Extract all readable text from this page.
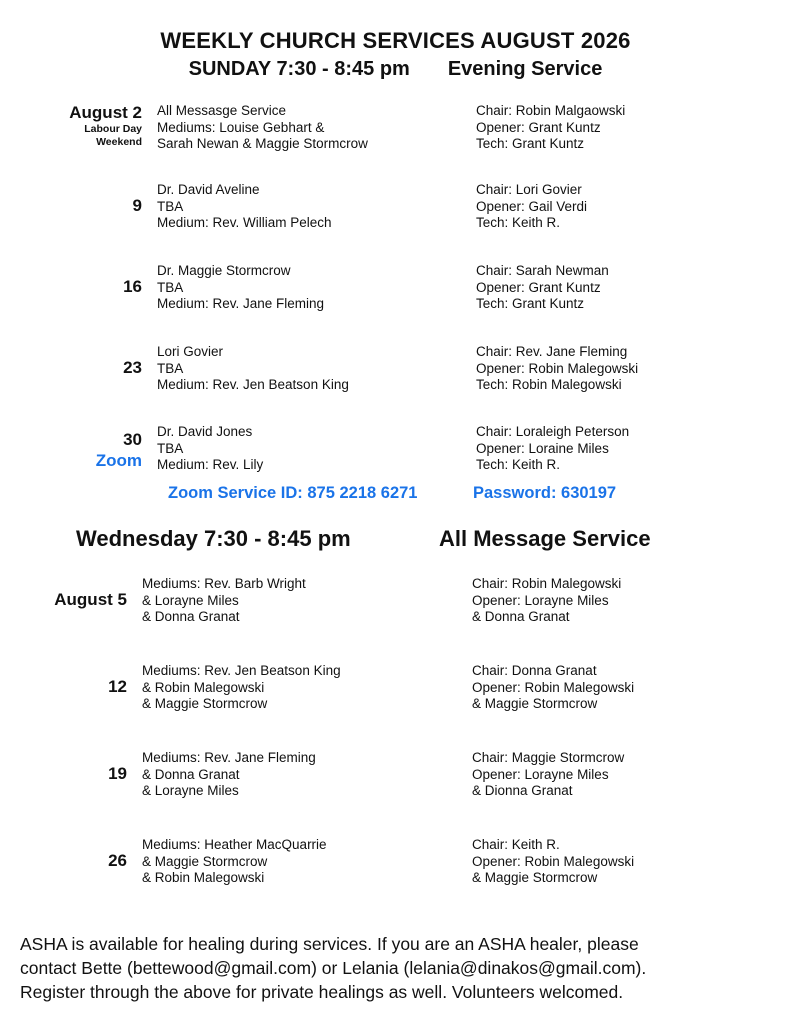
WEEKLY CHURCH SERVICES AUGUST 2026
SUNDAY 7:30 - 8:45 pm Evening Service
August 2
Labour Day
Weekend
All Messasge Service
Mediums: Louise Gebhart &
Sarah Newan & Maggie Stormcrow
Chair: Robin Malgaowski
Opener: Grant Kuntz
Tech: Grant Kuntz
9
Dr. David Aveline
TBA
Medium: Rev. William Pelech
Chair: Lori Govier
Opener: Gail Verdi
Tech: Keith R.
16
Dr. Maggie Stormcrow
TBA
Medium: Rev. Jane Fleming
Chair: Sarah Newman
Opener: Grant Kuntz
Tech: Grant Kuntz
23
Lori Govier
TBA
Medium: Rev. Jen Beatson King
Chair: Rev. Jane Fleming
Opener: Robin Malegowski
Tech: Robin Malegowski
30
Zoom
Dr. David Jones
TBA
Medium: Rev. Lily
Chair: Loraleigh Peterson
Opener: Loraine Miles
Tech: Keith R.
Zoom Service ID: 875 2218 6271	Password: 630197
Wednesday 7:30 - 8:45 pm	All Message Service
August 5
Mediums: Rev. Barb Wright
& Lorayne Miles
& Donna Granat
Chair: Robin Malegowski
Opener: Lorayne Miles
& Donna Granat
12
Mediums: Rev. Jen Beatson King
& Robin Malegowski
& Maggie Stormcrow
Chair: Donna Granat
Opener: Robin Malegowski
& Maggie Stormcrow
19
Mediums: Rev. Jane Fleming
& Donna Granat
& Lorayne Miles
Chair: Maggie Stormcrow
Opener: Lorayne Miles
& Dionna Granat
26
Mediums: Heather MacQuarrie
& Maggie Stormcrow
& Robin Malegowski
Chair: Keith R.
Opener: Robin Malegowski
& Maggie Stormcrow
ASHA is available for healing during services. If you are an ASHA healer, please
contact Bette (bettewood@gmail.com) or Lelania (lelania@dinakos@gmail.com).
Register through the above for private healings as well. Volunteers welcomed.
